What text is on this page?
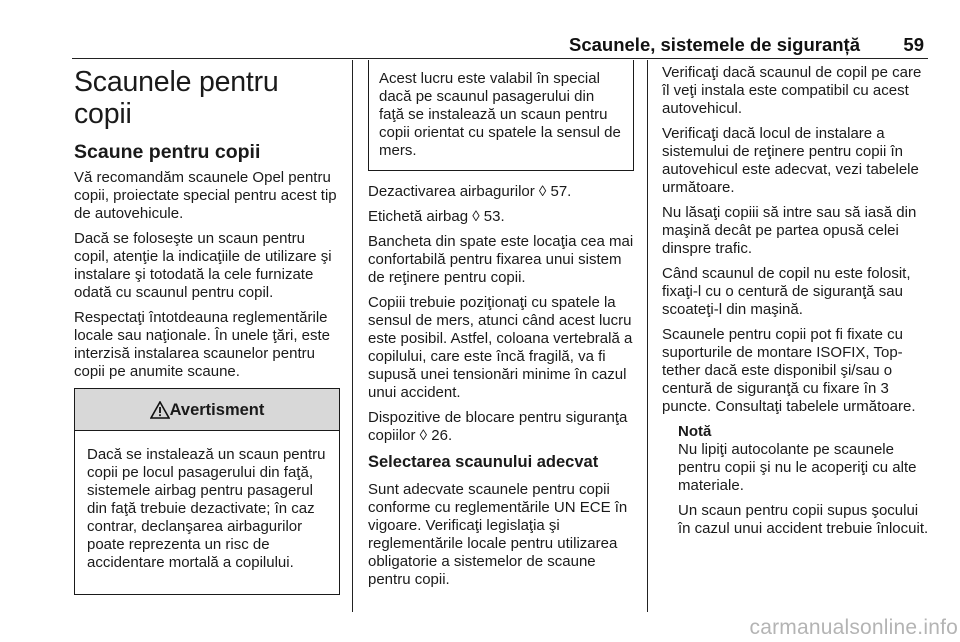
Scaunele, sistemele de siguranță 59
Scaunele pentru copii
Scaune pentru copii

Vă recomandăm scaunele Opel pentru copii, proiectate special pentru acest tip de autovehicule.

Dacă se foloseşte un scaun pentru copil, atenţie la indicaţiile de utilizare şi instalare şi totodată la cele furnizate odată cu scaunul pentru copil.

Respectaţi întotdeauna reglementările locale sau naţionale. În unele ţări, este interzisă instalarea scaunelor pentru copii pe anumite scaune.

Avertisment
Dacă se instalează un scaun pentru copii pe locul pasagerului din faţă, sistemele airbag pentru pasagerul din faţă trebuie dezactivate; în caz contrar, declanşarea airbagurilor poate reprezenta un risc de accidentare mortală a copilului.
Acest lucru este valabil în special dacă pe scaunul pasagerului din faţă se instalează un scaun pentru copii orientat cu spatele la sensul de mers.

Dezactivarea airbagurilor ◊ 57.

Etichetă airbag ◊ 53.

Bancheta din spate este locaţia cea mai confortabilă pentru fixarea unui sistem de reţinere pentru copii.

Copiii trebuie poziţionaţi cu spatele la sensul de mers, atunci când acest lucru este posibil. Astfel, coloana vertebrală a copilului, care este încă fragilă, va fi supusă unei tensionări minime în cazul unui accident.

Dispozitive de blocare pentru siguranţa copiilor ◊ 26.

Selectarea scaunului adecvat

Sunt adecvate scaunele pentru copii conforme cu reglementările UN ECE în vigoare. Verificaţi legislaţia şi reglementările locale pentru utilizarea obligatorie a sistemelor de scaune pentru copii.

Verificaţi dacă scaunul de copil pe care îl veţi instala este compatibil cu acest autovehicul.

Verificaţi dacă locul de instalare a sistemului de reţinere pentru copii în autovehicul este adecvat, vezi tabelele următoare.

Nu lăsaţi copiii să intre sau să iasă din maşină decât pe partea opusă celei dinspre trafic.

Când scaunul de copil nu este folosit, fixaţi-l cu o centură de siguranţă sau scoateţi-l din maşină.

Scaunele pentru copii pot fi fixate cu suporturile de montare ISOFIX, Top-tether dacă este disponibil şi/sau o centură de siguranţă cu fixare în 3 puncte. Consultaţi tabelele următoare.

Notă

Nu lipiţi autocolante pe scaunele pentru copii şi nu le acoperiţi cu alte materiale.

Un scaun pentru copii supus şocului în cazul unui accident trebuie înlocuit.

carmanualsonline.info
